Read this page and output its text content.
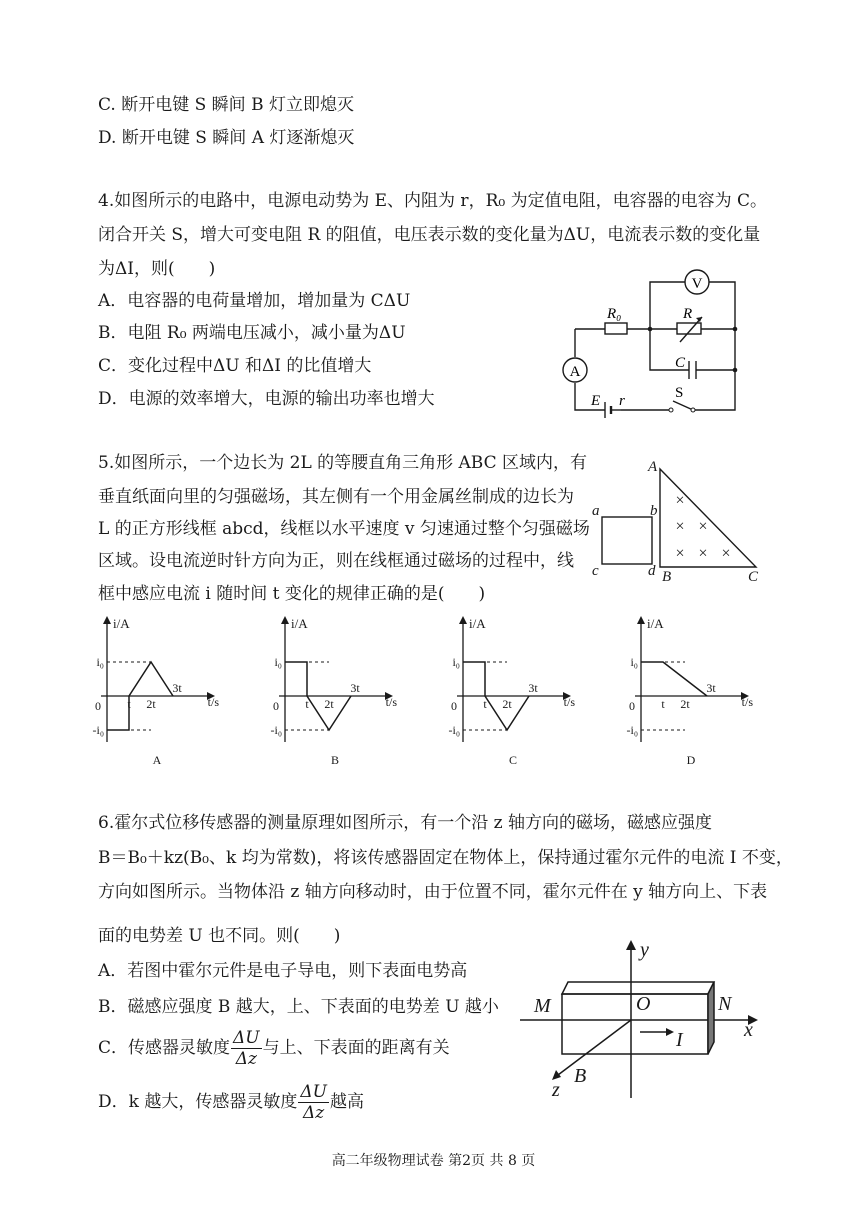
C. 断开电键 S 瞬间 B 灯立即熄灭
D. 断开电键 S 瞬间 A 灯逐渐熄灭
4.如图所示的电路中，电源电动势为 E、内阻为 r，R₀ 为定值电阻，电容器的电容为 C。
闭合开关 S，增大可变电阻 R 的阻值，电压表示数的变化量为ΔU，电流表示数的变化量
为ΔI，则(　　)
A．电容器的电荷量增加，增加量为 CΔU
B．电阻 R₀ 两端电压减小，减小量为ΔU
C．变化过程中ΔU 和ΔI 的比值增大
D．电源的效率增大，电源的输出功率也增大
V
A
R₀	R
C
E r	S
5.如图所示，一个边长为 2L 的等腰直角三角形 ABC 区域内，有
垂直纸面向里的匀强磁场，其左侧有一个用金属丝制成的边长为
L 的正方形线框 abcd，线框以水平速度 v 匀速通过整个匀强磁场
区域。设电流逆时针方向为正，则在线框通过磁场的过程中，线
框中感应电流 i 随时间 t 变化的规律正确的是(　　)
×
× ×
× × ×
a	b
c	d
A
B	C
i/A
t/s
0
i₀
-i₀
t 2t
3t
A
i/A
t/s
0
i₀
-i₀
t 2t
3t
B
i/A
t/s
0
i₀
-i₀
t 2t
3t
C
i/A
t/s
0
i₀
-i₀
t 2t
3t
D
6.霍尔式位移传感器的测量原理如图所示，有一个沿 z 轴方向的磁场，磁感应强度
B＝B₀＋kz(B₀、k 均为常数)，将该传感器固定在物体上，保持通过霍尔元件的电流 I 不变，
方向如图所示。当物体沿 z 轴方向移动时，由于位置不同，霍尔元件在 y 轴方向上、下表
面的电势差 U 也不同。则(　　)
A．若图中霍尔元件是电子导电，则下表面电势高
B．磁感应强度 B 越大，上、下表面的电势差 U 越小
C．传感器灵敏度 $\frac{\Delta U}{\Delta z}$ 与上、下表面的距离有关
D．k 越大，传感器灵敏度 $\frac{\Delta U}{\Delta z}$ 越高
y
x
z
M	N
O
I
B
高二年级物理试卷 第2页 共 8 页
